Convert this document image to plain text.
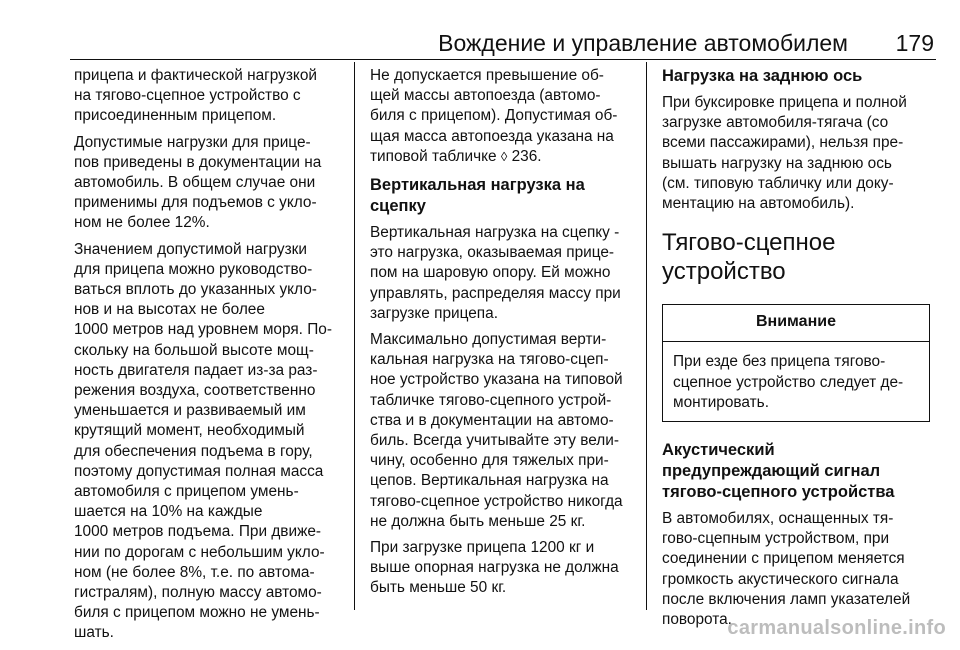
Вождение и управление автомобилем 179

прицепа и фактической нагрузкой
на тягово-сцепное устройство с
присоединенным прицепом.

Допустимые нагрузки для прице‐
пов приведены в документации на
автомобиль. В общем случае они
применимы для подъемов с укло‐
ном не более 12%.

Значением допустимой нагрузки
для прицепа можно руководство‐
ваться вплоть до указанных укло‐
нов и на высотах не более
1000 метров над уровнем моря. По‐
скольку на большой высоте мощ‐
ность двигателя падает из-за раз‐
режения воздуха, соответственно
уменьшается и развиваемый им
крутящий момент, необходимый
для обеспечения подъема в гору,
поэтому допустимая полная масса
автомобиля с прицепом умень‐
шается на 10% на каждые
1000 метров подъема. При движе‐
нии по дорогам с небольшим укло‐
ном (не более 8%, т.е. по автома‐
гистралям), полную массу автомо‐
биля с прицепом можно не умень‐
шать.

Не допускается превышение об‐
щей массы автопоезда (автомо‐
биля с прицепом). Допустимая об‐
щая масса автопоезда указана на
типовой табличке ◊ 236.

Вертикальная нагрузка на
сцепку

Вертикальная нагрузка на сцепку -
это нагрузка, оказываемая прице‐
пом на шаровую опору. Ей можно
управлять, распределяя массу при
загрузке прицепа.

Максимально допустимая верти‐
кальная нагрузка на тягово-сцеп‐
ное устройство указана на типовой
табличке тягово-сцепного устрой‐
ства и в документации на автомо‐
биль. Всегда учитывайте эту вели‐
чину, особенно для тяжелых при‐
цепов. Вертикальная нагрузка на
тягово-сцепное устройство никогда
не должна быть меньше 25 кг.

При загрузке прицепа 1200 кг и
выше опорная нагрузка не должна
быть меньше 50 кг.

Нагрузка на заднюю ось

При буксировке прицепа и полной
загрузке автомобиля-тягача (со
всеми пассажирами), нельзя пре‐
вышать нагрузку на заднюю ось
(см. типовую табличку или доку‐
ментацию на автомобиль).

Тягово-сцепное
устройство
Внимание
При езде без прицепа тягово-
сцепное устройство следует де‐
монтировать.
Акустический
предупреждающий сигнал
тягово-сцепного устройства

В автомобилях, оснащенных тя‐
гово-сцепным устройством, при
соединении с прицепом меняется
громкость акустического сигнала
после включения ламп указателей
поворота.

carmanualsonline.info
